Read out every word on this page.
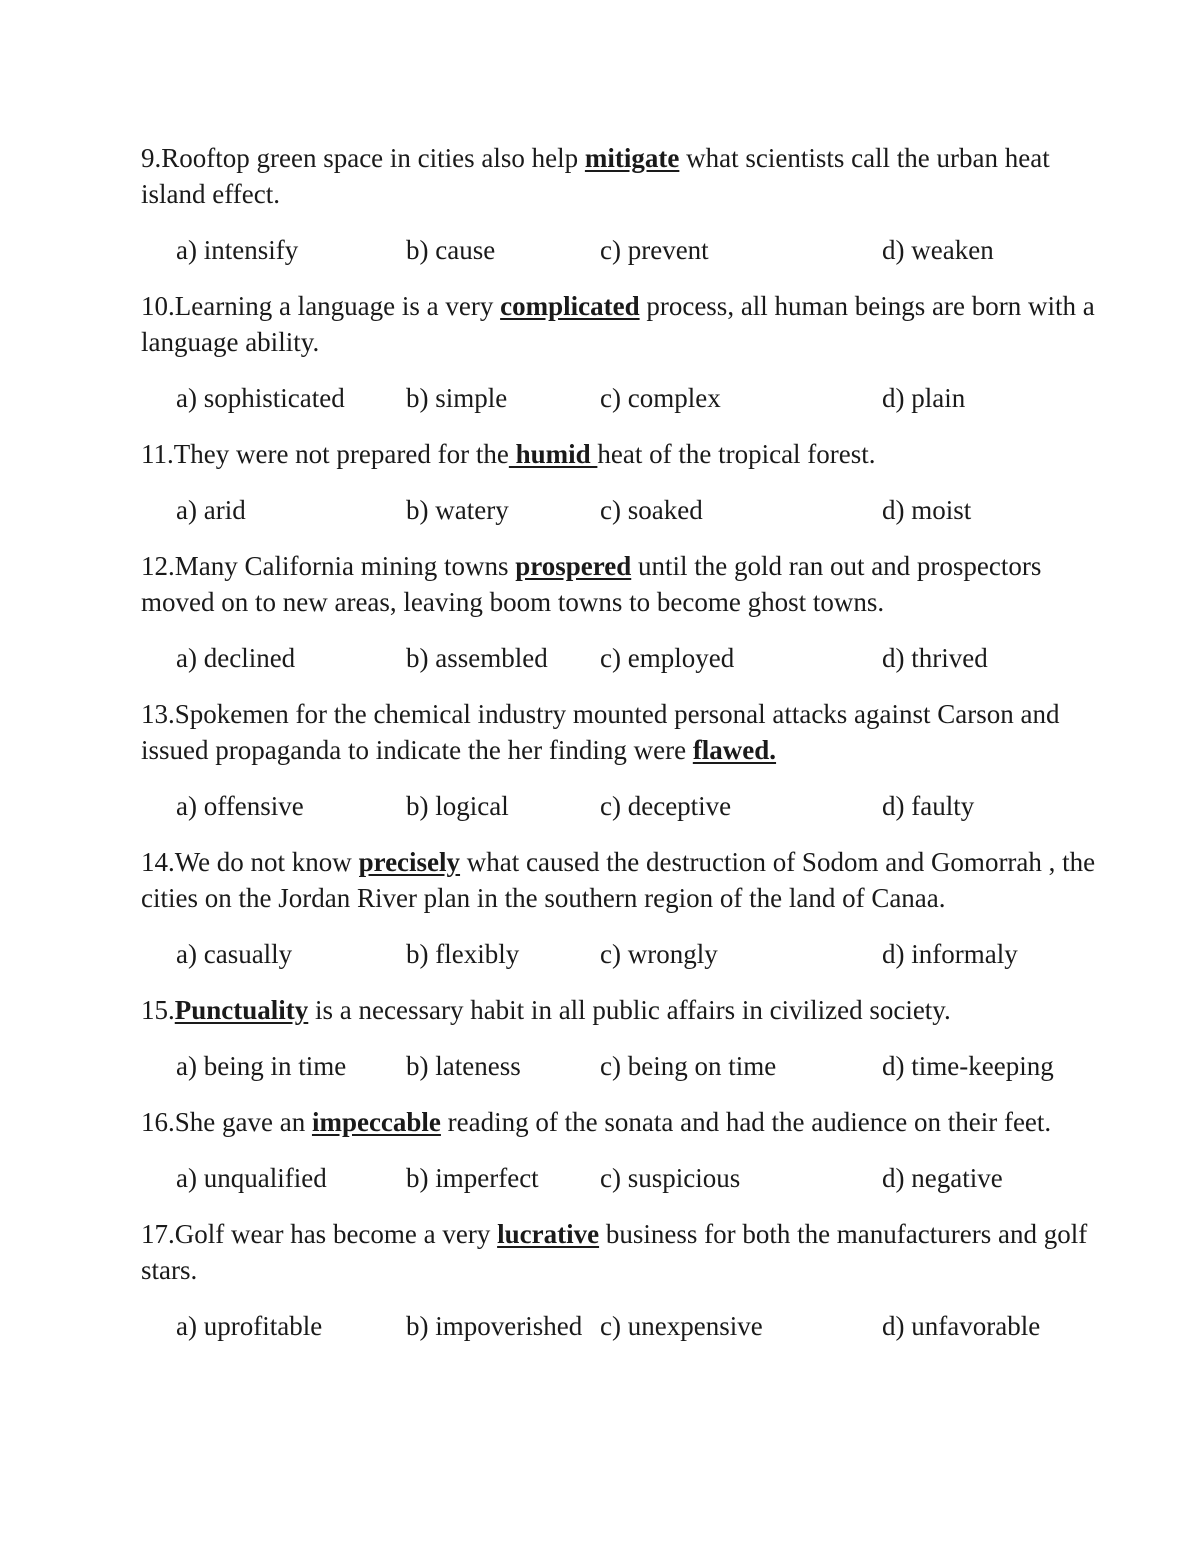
9.Rooftop green space in cities also help mitigate what scientists call the urban heat island effect.

a) intensify	b) cause	c) prevent	d) weaken

10.Learning a language is a very complicated process, all human beings are born with a language ability.

a) sophisticated b) simple	c) complex	d) plain

11.They were not prepared for the humid heat of the tropical forest.

a) arid	b) watery	c) soaked	d) moist

12.Many California mining towns prospered until the gold ran out and prospectors moved on to new areas, leaving boom towns to become ghost towns.

a) declined	b) assembled c) employed	d) thrived

13.Spokemen for the chemical industry mounted personal attacks against Carson and issued propaganda to indicate the her finding were flawed.

a) offensive	b) logical	c) deceptive	d) faulty

14.We do not know precisely what caused the destruction of Sodom and Gomorrah , the cities on the Jordan River plan in the southern region of the land of Canaa.

a) casually	b) flexibly	c) wrongly	d) informaly

15.Punctuality is a necessary habit in all public affairs in civilized society.

a) being in time b) lateness	c) being on time	d) time-keeping

16.She gave an impeccable reading of the sonata and had the audience on their feet.

a) unqualified	b) imperfect c) suspicious	d) negative

17.Golf wear has become a very lucrative business for both the manufacturers and golf stars.

a) uprofitable	b) impoverished c) unexpensive	d) unfavorable
